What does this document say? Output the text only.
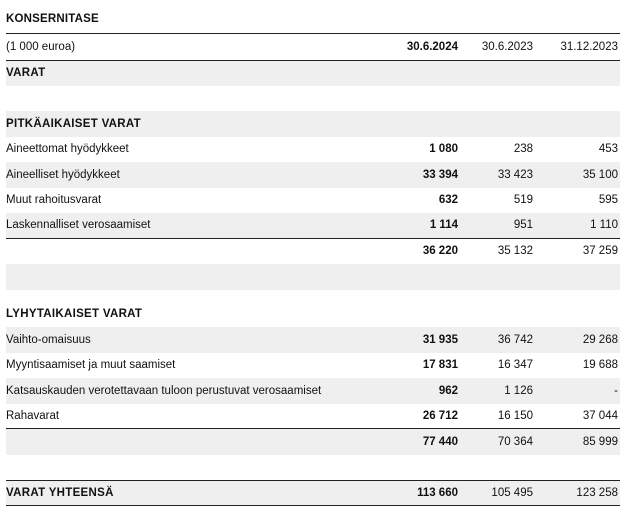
KONSERNITASE
(1 000 euroa)	30.6.2024 30.6.2023 31.12.2023
VARAT
PITKÄAIKAISET VARAT
Aineettomat hyödykkeet	1 080	238	453
Aineelliset hyödykkeet	33 394	33 423	35 100
Muut rahoitusvarat	632	519	595
Laskennalliset verosaamiset	1 114	951	1 110
36 220	35 132	37 259
LYHYTAIKAISET VARAT
Vaihto-omaisuus	31 935	36 742	29 268
Myyntisaamiset ja muut saamiset	17 831	16 347	19 688
Katsauskauden verotettavaan tuloon perustuvat verosaamiset	962	1 126	-
Rahavarat	26 712	16 150	37 044
77 440	70 364	85 999
VARAT YHTEENSÄ	113 660	105 495	123 258
